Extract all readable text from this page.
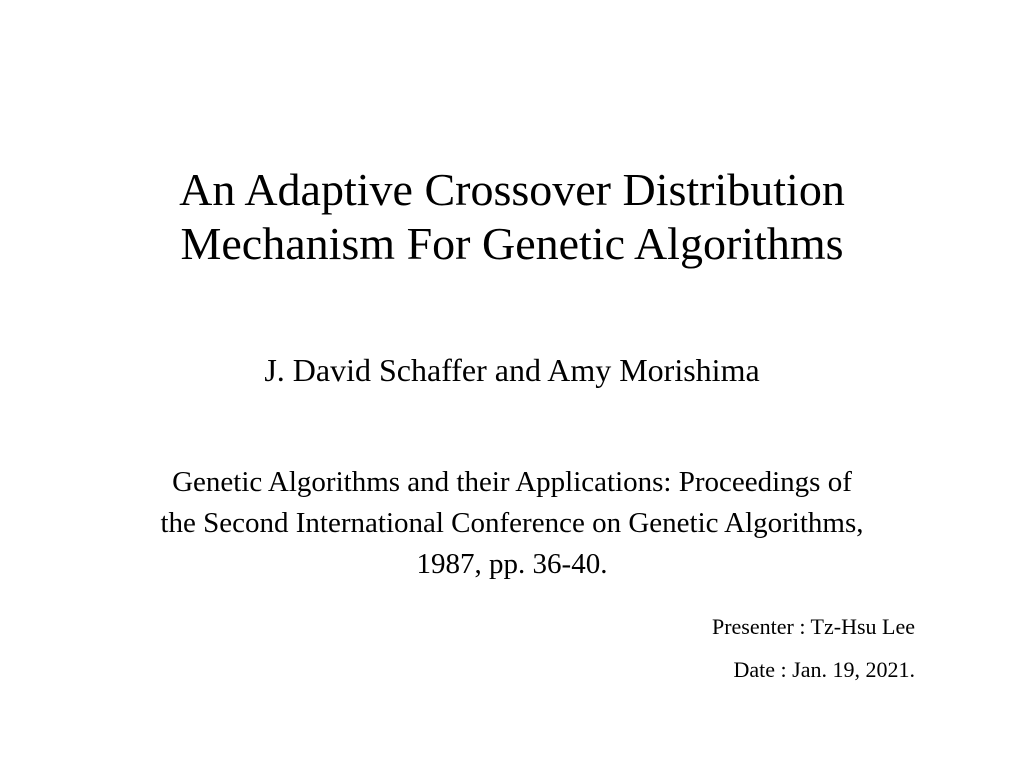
An Adaptive Crossover Distribution
Mechanism For Genetic Algorithms

J. David Schaffer and Amy Morishima

Genetic Algorithms and their Applications: Proceedings of
the Second International Conference on Genetic Algorithms,
1987, pp. 36-40.

Presenter : Tz-Hsu Lee

Date : Jan. 19, 2021.
